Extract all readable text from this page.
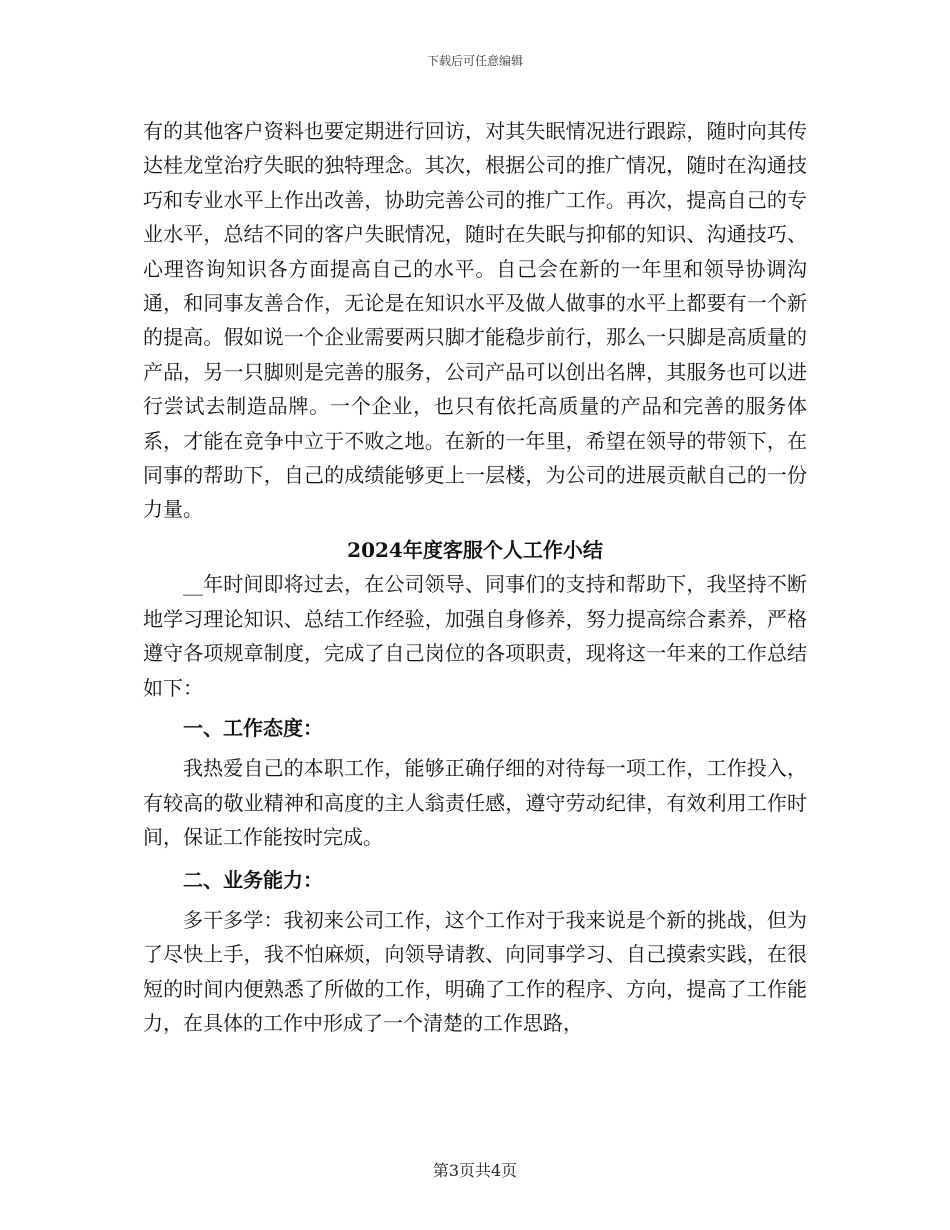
下载后可任意编辑

有的其他客户资料也要定期进行回访，对其失眠情况进行跟踪，随时向其传达桂龙堂治疗失眠的独特理念。其次，根据公司的推广情况，随时在沟通技巧和专业水平上作出改善，协助完善公司的推广工作。再次，提高自己的专业水平，总结不同的客户失眠情况，随时在失眠与抑郁的知识、沟通技巧、心理咨询知识各方面提高自己的水平。自己会在新的一年里和领导协调沟通，和同事友善合作，无论是在知识水平及做人做事的水平上都要有一个新的提高。假如说一个企业需要两只脚才能稳步前行，那么一只脚是高质量的产品，另一只脚则是完善的服务，公司产品可以创出名牌，其服务也可以进行尝试去制造品牌。一个企业，也只有依托高质量的产品和完善的服务体系，才能在竞争中立于不败之地。在新的一年里，希望在领导的带领下，在同事的帮助下，自己的成绩能够更上一层楼，为公司的进展贡献自己的一份力量。

2024年度客服个人工作小结

__年时间即将过去，在公司领导、同事们的支持和帮助下，我坚持不断地学习理论知识、总结工作经验，加强自身修养，努力提高综合素养，严格遵守各项规章制度，完成了自己岗位的各项职责，现将这一年来的工作总结如下：

一、工作态度：

我热爱自己的本职工作，能够正确仔细的对待每一项工作，工作投入，有较高的敬业精神和高度的主人翁责任感，遵守劳动纪律，有效利用工作时间，保证工作能按时完成。

二、业务能力：

多干多学：我初来公司工作，这个工作对于我来说是个新的挑战，但为了尽快上手，我不怕麻烦，向领导请教、向同事学习、自己摸索实践，在很短的时间内便熟悉了所做的工作，明确了工作的程序、方向，提高了工作能力，在具体的工作中形成了一个清楚的工作思路，

第3页共4页
